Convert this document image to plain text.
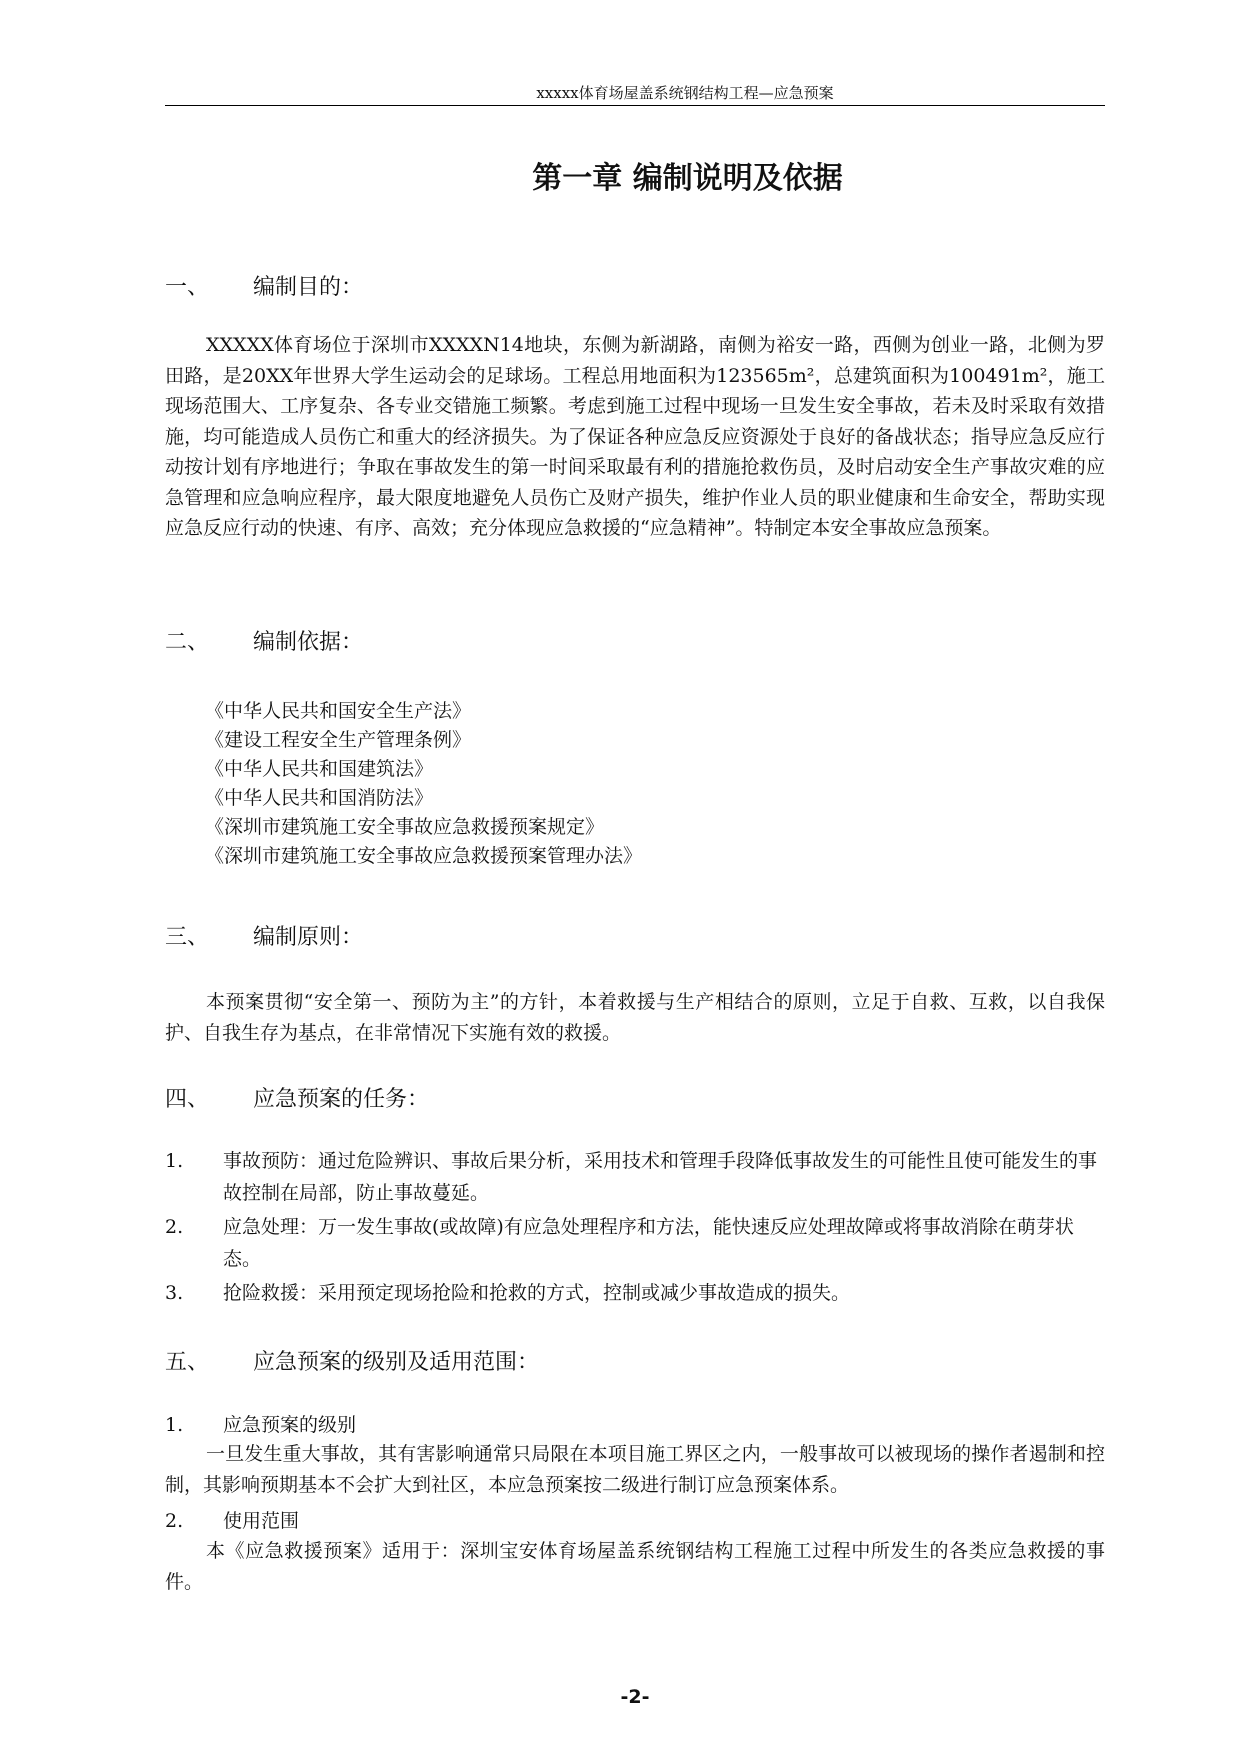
xxxxx体育场屋盖系统钢结构工程—应急预案
第一章 编制说明及依据
一、 编制目的：

XXXXX体育场位于深圳市XXXXN14地块，东侧为新湖路，南侧为裕安一路，西侧为创业一路，北侧为罗田路，是20XX年世界大学生运动会的足球场。工程总用地面积为123565m²，总建筑面积为100491m²，施工现场范围大、工序复杂、各专业交错施工频繁。考虑到施工过程中现场一旦发生安全事故，若未及时采取有效措施，均可能造成人员伤亡和重大的经济损失。为了保证各种应急反应资源处于良好的备战状态；指导应急反应行动按计划有序地进行；争取在事故发生的第一时间采取最有利的措施抢救伤员，及时启动安全生产事故灾难的应急管理和应急响应程序，最大限度地避免人员伤亡及财产损失，维护作业人员的职业健康和生命安全，帮助实现应急反应行动的快速、有序、高效；充分体现应急救援的“应急精神”。特制定本安全事故应急预案。

二、 编制依据：
《中华人民共和国安全生产法》
《建设工程安全生产管理条例》
《中华人民共和国建筑法》
《中华人民共和国消防法》
《深圳市建筑施工安全事故应急救援预案规定》
《深圳市建筑施工安全事故应急救援预案管理办法》
三、 编制原则：

本预案贯彻“安全第一、预防为主”的方针，本着救援与生产相结合的原则，立足于自救、互救，以自我保护、自我生存为基点，在非常情况下实施有效的救援。

四、 应急预案的任务：
1. 事故预防：通过危险辨识、事故后果分析，采用技术和管理手段降低事故发生的可能性且使可能发生的事故控制在局部，防止事故蔓延。
2. 应急处理：万一发生事故(或故障)有应急处理程序和方法，能快速反应处理故障或将事故消除在萌芽状态。
3. 抢险救援：采用预定现场抢险和抢救的方式，控制或减少事故造成的损失。
五、 应急预案的级别及适用范围：
1. 应急预案的级别

一旦发生重大事故，其有害影响通常只局限在本项目施工界区之内，一般事故可以被现场的操作者遏制和控制，其影响预期基本不会扩大到社区，本应急预案按二级进行制订应急预案体系。

2. 使用范围

本《应急救援预案》适用于：深圳宝安体育场屋盖系统钢结构工程施工过程中所发生的各类应急救援的事件。

-2-
